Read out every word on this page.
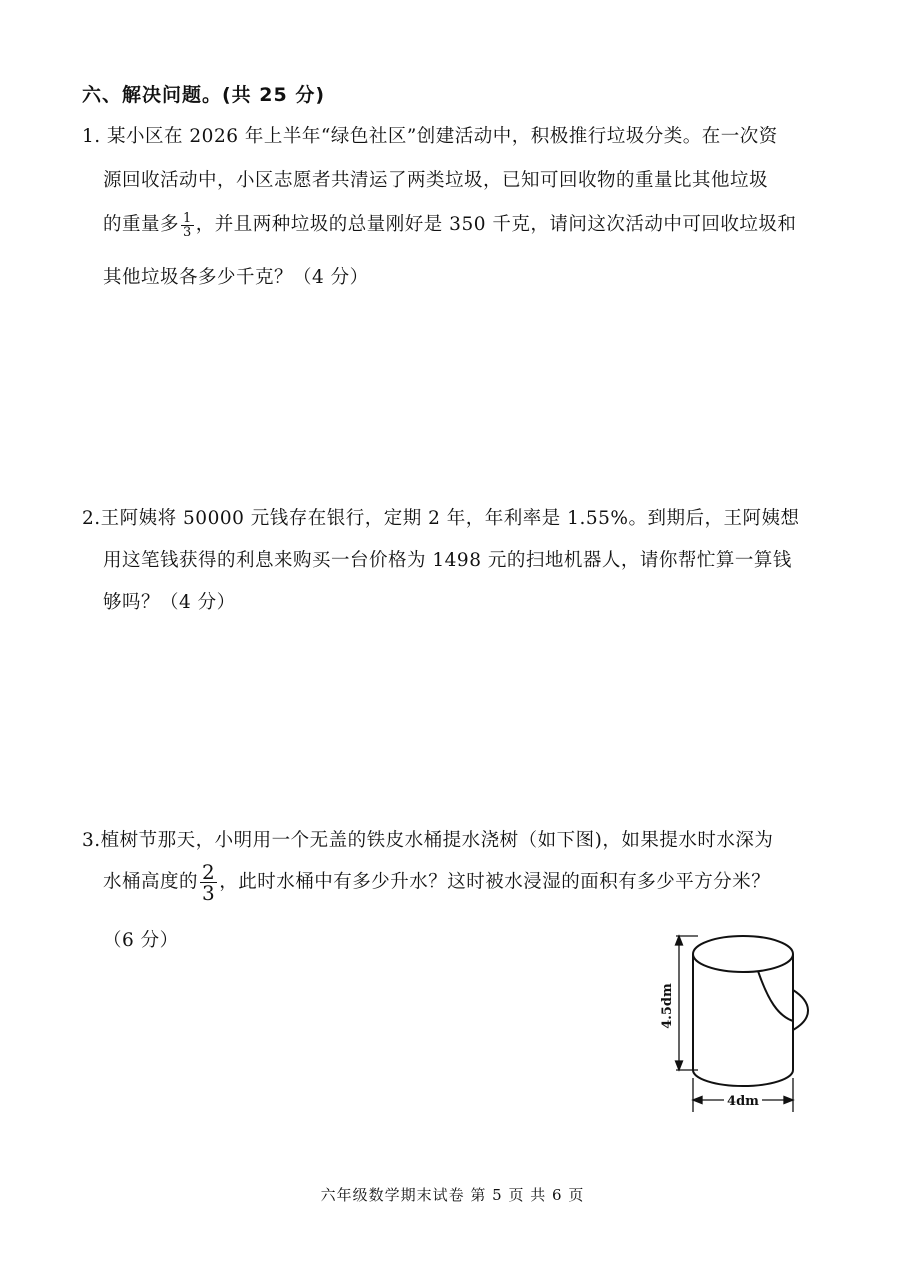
六、解决问题。(共 25 分)
1. 某小区在 2026 年上半年“绿色社区”创建活动中，积极推行垃圾分类。在一次资
源回收活动中，小区志愿者共清运了两类垃圾，已知可回收物的重量比其他垃圾
的重量多 $\frac{1}{3}$ ，并且两种垃圾的总量刚好是 350 千克，请问这次活动中可回收垃圾和
其他垃圾各多少千克？（4 分）
2.王阿姨将 50000 元钱存在银行，定期 2 年，年利率是 1.55%。到期后，王阿姨想
用这笔钱获得的利息来购买一台价格为 1498 元的扫地机器人，请你帮忙算一算钱
够吗？（4 分）
3.植树节那天，小明用一个无盖的铁皮水桶提水浇树（如下图)，如果提水时水深为
水桶高度的 $\frac{2}{3}$ ，此时水桶中有多少升水？这时被水浸湿的面积有多少平方分米？
（6 分）
4.5dm
4dm
六年级数学期末试卷 第 5 页 共 6 页
